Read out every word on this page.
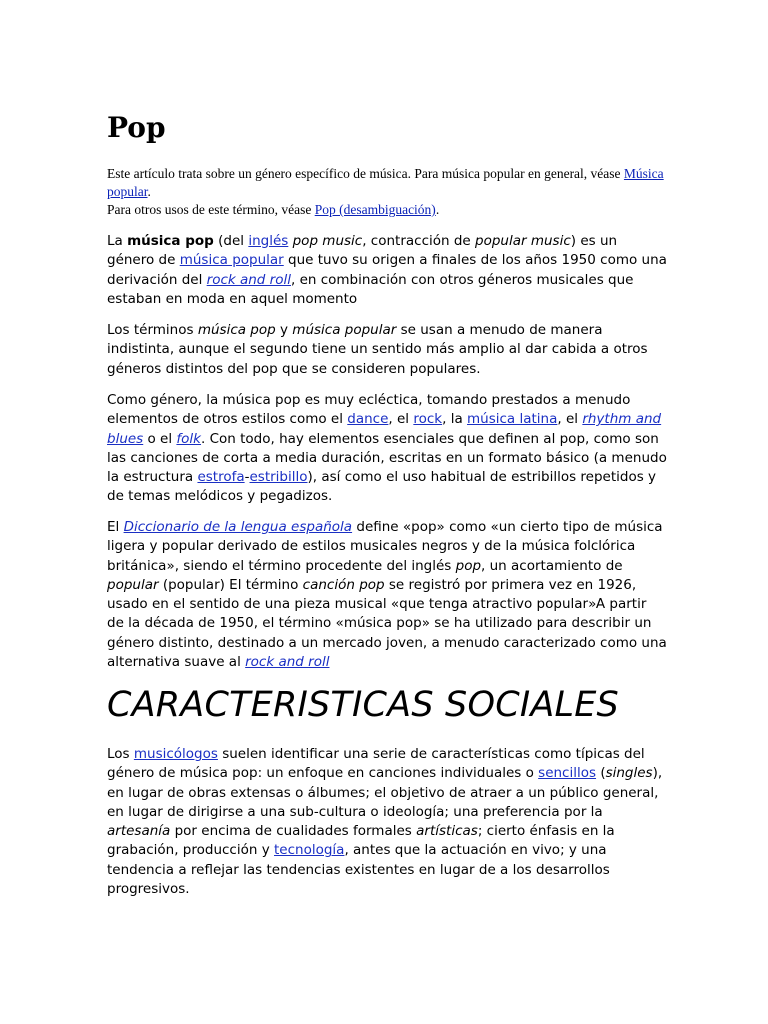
Pop
Este artículo trata sobre un género específico de música. Para música popular en general, véase Música popular.
Para otros usos de este término, véase Pop (desambiguación).

La música pop (del inglés pop music, contracción de popular music) es un género de música popular que tuvo su origen a finales de los años 1950 como una derivación del rock and roll, en combinación con otros géneros musicales que estaban en moda en aquel momento

Los términos música pop y música popular se usan a menudo de manera indistinta, aunque el segundo tiene un sentido más amplio al dar cabida a otros géneros distintos del pop que se consideren populares.

Como género, la música pop es muy ecléctica, tomando prestados a menudo elementos de otros estilos como el dance, el rock, la música latina, el rhythm and blues o el folk. Con todo, hay elementos esenciales que definen al pop, como son las canciones de corta a media duración, escritas en un formato básico (a menudo la estructura estrofa-estribillo), así como el uso habitual de estribillos repetidos y de temas melódicos y pegadizos.

El Diccionario de la lengua española define «pop» como «un cierto tipo de música ligera y popular derivado de estilos musicales negros y de la música folclórica británica», siendo el término procedente del inglés pop, un acortamiento de popular (popular) El término canción pop se registró por primera vez en 1926, usado en el sentido de una pieza musical «que tenga atractivo popular»A partir de la década de 1950, el término «música pop» se ha utilizado para describir un género distinto, destinado a un mercado joven, a menudo caracterizado como una alternativa suave al rock and roll

CARACTERISTICAS SOCIALES

Los musicólogos suelen identificar una serie de características como típicas del género de música pop: un enfoque en canciones individuales o sencillos (singles), en lugar de obras extensas o álbumes; el objetivo de atraer a un público general, en lugar de dirigirse a una sub-cultura o ideología; una preferencia por la artesanía por encima de cualidades formales artísticas; cierto énfasis en la grabación, producción y tecnología, antes que la actuación en vivo; y una tendencia a reflejar las tendencias existentes en lugar de a los desarrollos progresivos.
